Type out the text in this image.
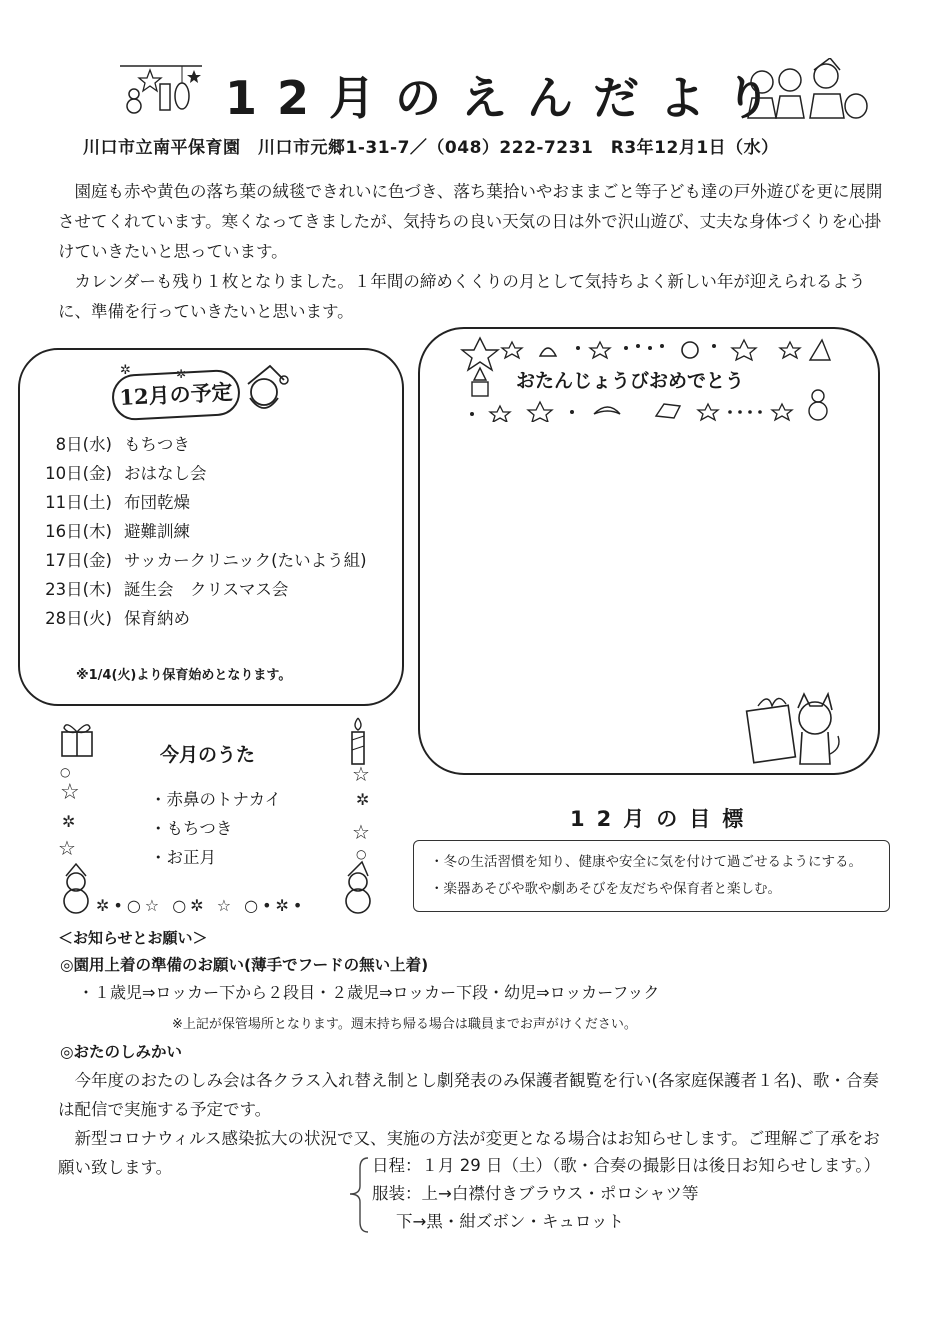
12月のえんだより
川口市立南平保育園　川口市元郷1-31-7／（048）222-7231　R3年12月1日（水）

園庭も赤や黄色の落ち葉の絨毯できれいに色づき、落ち葉拾いやおままごと等子ども達の戸外遊びを更に展開させてくれています。寒くなってきましたが、気持ちの良い天気の日は外で沢山遊び、丈夫な身体づくりを心掛けていきたいと思っています。

カレンダーも残り１枚となりました。１年間の締めくくりの月として気持ちよく新しい年が迎えられるように、準備を行っていきたいと思います。

12月の予定
✲	✲
8日(水) もちつき
10日(金) おはなし会
11日(土) 布団乾燥
16日(木) 避難訓練
17日(金) サッカークリニック(たいよう組)
23日(木) 誕生会　クリスマス会
28日(火) 保育納め
※1/4(火)より保育始めとなります。
○
☆
✲
☆
☆
✲
☆
○
✲•○☆ ○✲ ☆ ○•✲•
今月のうた
・赤鼻のトナカイ
・もちつき
・お正月
おたんじょうびおめでとう
12月の目標
・冬の生活習慣を知り、健康や安全に気を付けて過ごせるようにする。
・楽器あそびや歌や劇あそびを友だちや保育者と楽しむ。
＜お知らせとお願い＞
◎園用上着の準備のお願い(薄手でフードの無い上着)
・１歳児⇒ロッカー下から２段目・２歳児⇒ロッカー下段・幼児⇒ロッカーフック
※上記が保管場所となります。週末持ち帰る場合は職員までお声がけください。
◎おたのしみかい

今年度のおたのしみ会は各クラス入れ替え制とし劇発表のみ保護者観覧を行い(各家庭保護者１名)、歌・合奏は配信で実施する予定です。

新型コロナウィルス感染拡大の状況で又、実施の方法が変更となる場合はお知らせします。ご理解ご了承をお願い致します。	日程：１月 29 日（土）（歌・合奏の撮影日は後日お知らせします。）
服装：上→白襟付きブラウス・ポロシャツ等
下→黒・紺ズボン・キュロット
